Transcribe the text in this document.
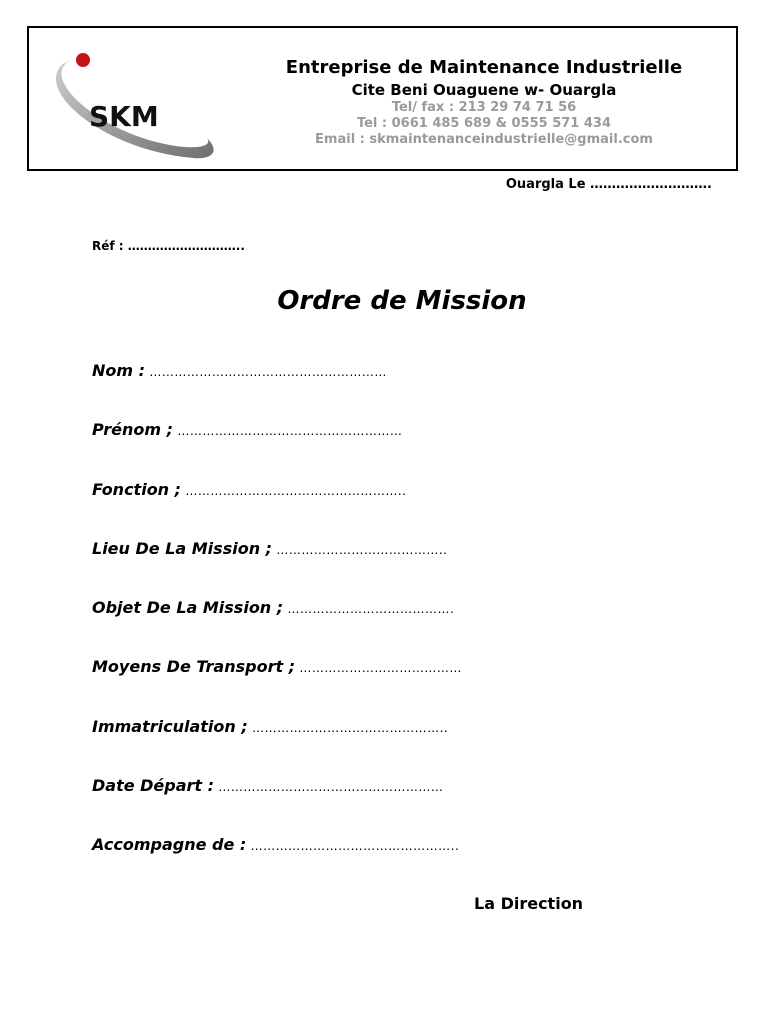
SKM
Entreprise de Maintenance Industrielle
Cite Beni Ouaguene w- Ouargla
Tel/ fax : 213 29 74 71 56
Tel : 0661 485 689 & 0555 571 434
Email : skmaintenanceindustrielle@gmail.com
Ouargla Le ……………………….
Réf : ………………………..
Ordre de Mission
Nom : …………………………………………………
Prénom ; ………………………………………………
Fonction ; ……………………………………………..
Lieu De La Mission ; …………………………………..
Objet De La Mission ; ………………………………….
Moyens De Transport ; …………………………………
Immatriculation ; ………………………………………..
Date Départ : ………………………………………………
Accompagne de : …………………………………………..
La Direction
